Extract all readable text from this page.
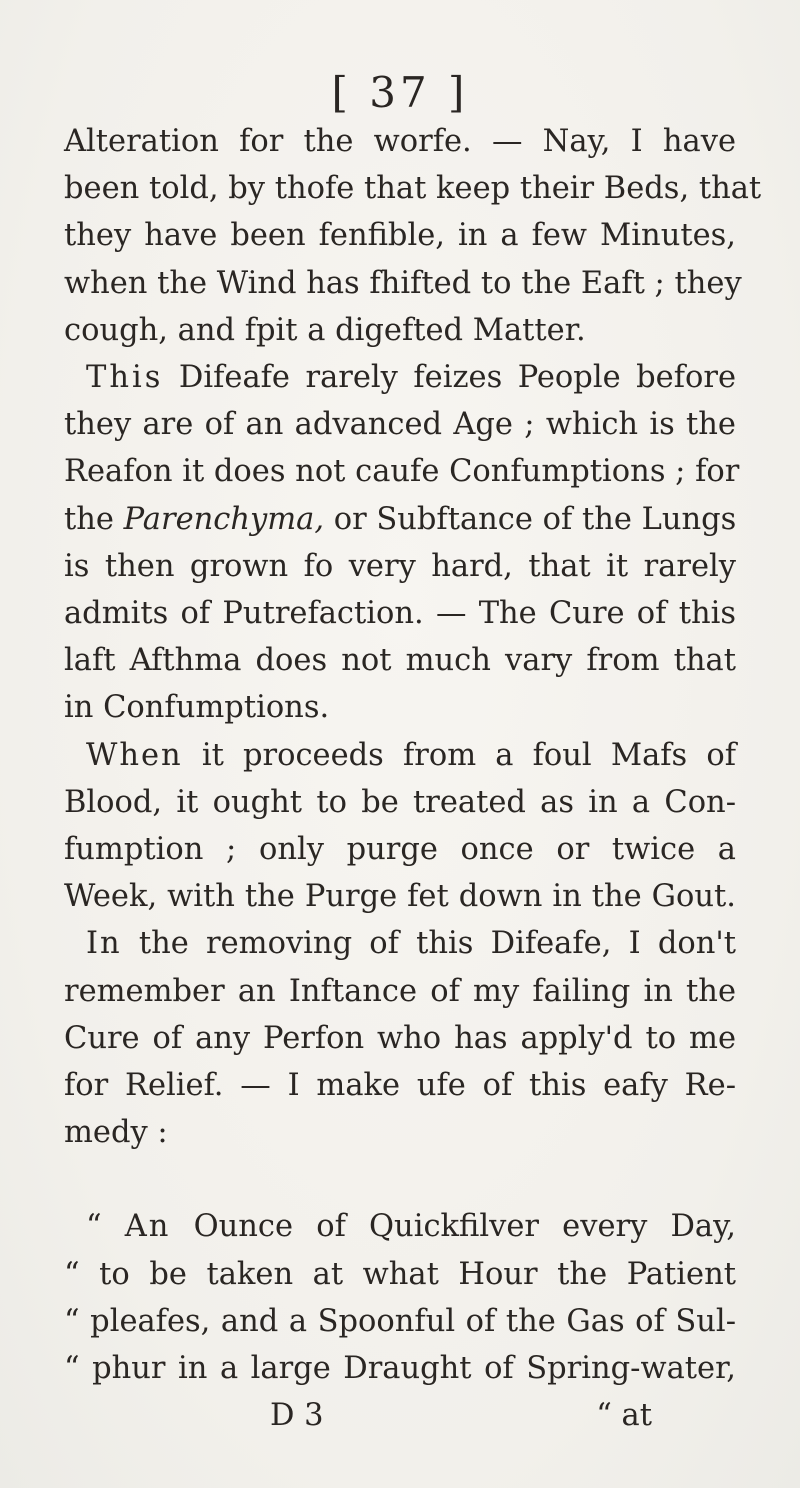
[ 37 ]
Alteration for the worfe. — Nay, I have
been told, by thofe that keep their Beds, that
they have been fenfible, in a few Minutes,
when the Wind has fhifted to the Eaft ; they
cough, and fpit a digefted Matter.
This Difeafe rarely feizes People before
they are of an advanced Age ; which is the
Reafon it does not caufe Confumptions ; for
the Parenchyma, or Subftance of the Lungs
is then grown fo very hard, that it rarely
admits of Putrefaction. — The Cure of this
laft Afthma does not much vary from that
in Confumptions.
When it proceeds from a foul Mafs of
Blood, it ought to be treated as in a Con-
fumption ; only purge once or twice a
Week, with the Purge fet down in the Gout.
In the removing of this Difeafe, I don't
remember an Inftance of my failing in the
Cure of any Perfon who has apply'd to me
for Relief. — I make ufe of this eafy Re-
medy :
“ An Ounce of Quickfilver every Day,
“ to be taken at what Hour the Patient
“ pleafes, and a Spoonful of the Gas of Sul-
“ phur in a large Draught of Spring-water,
D 3	“ at
